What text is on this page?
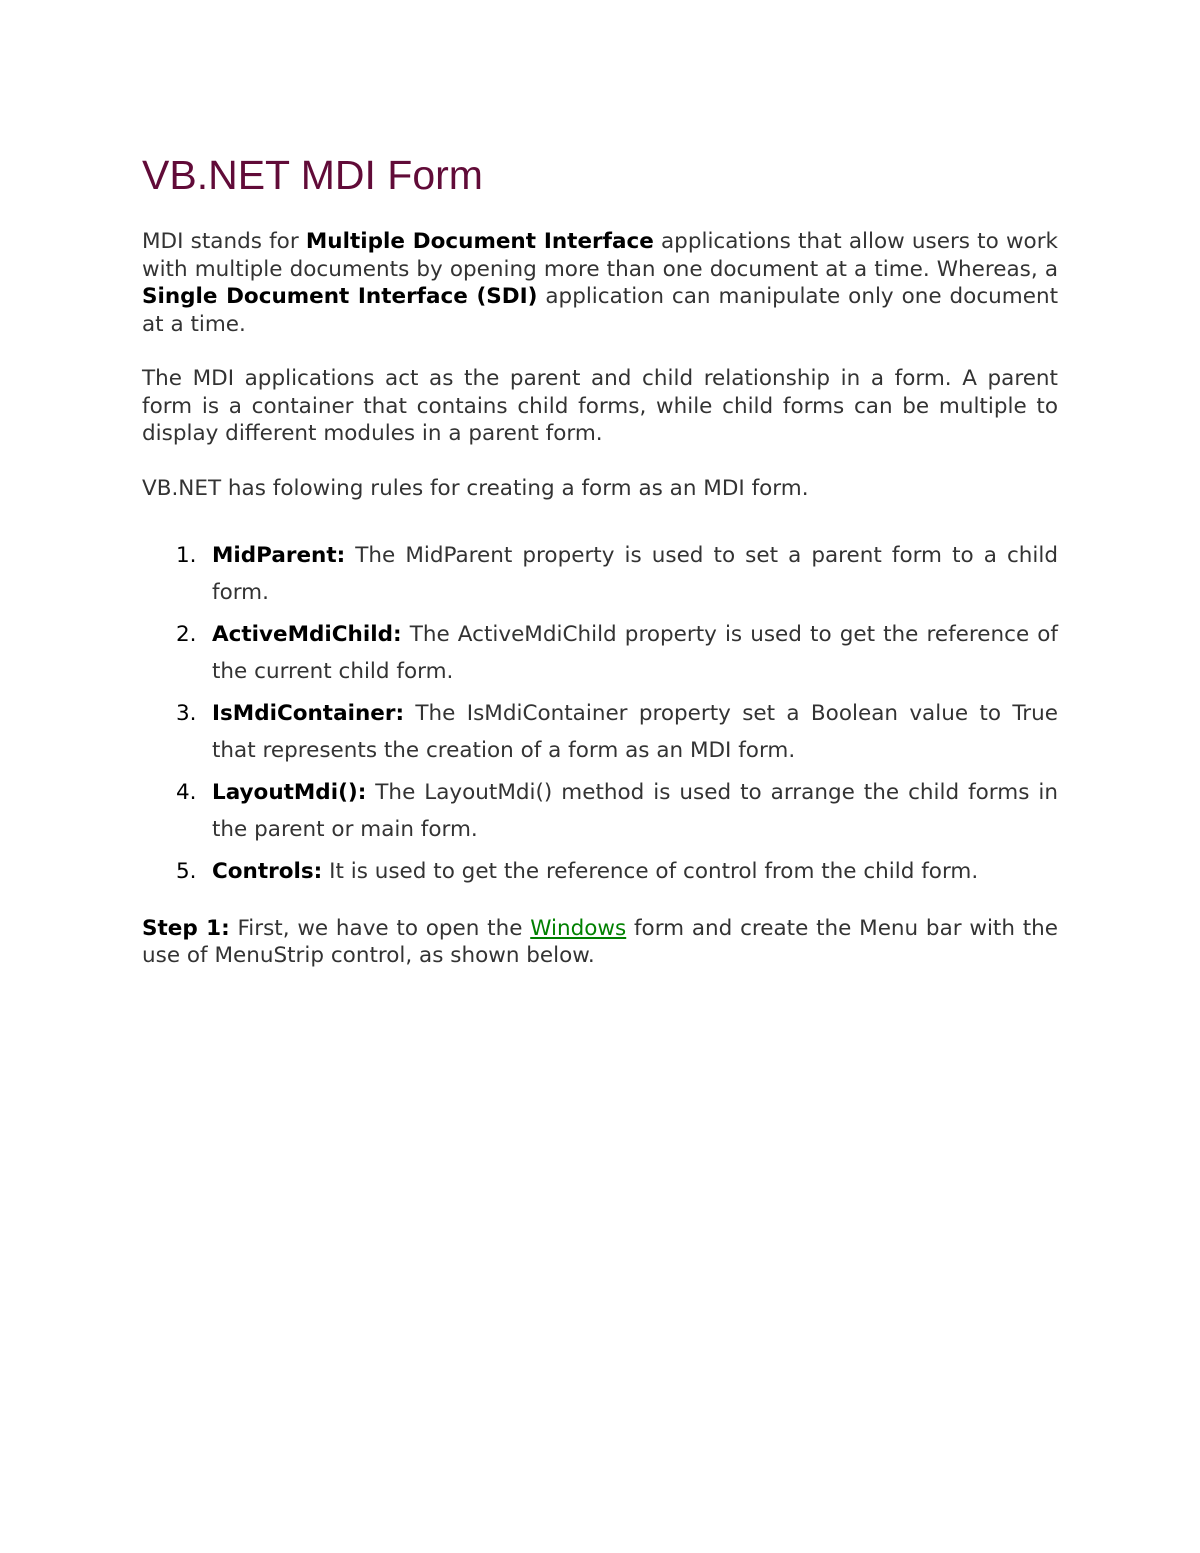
VB.NET MDI Form

MDI stands for Multiple Document Interface applications that allow users to work with multiple documents by opening more than one document at a time. Whereas, a Single Document Interface (SDI) application can manipulate only one document at a time.

The MDI applications act as the parent and child relationship in a form. A parent form is a container that contains child forms, while child forms can be multiple to display different modules in a parent form.

VB.NET has folowing rules for creating a form as an MDI form.

1. MidParent: The MidParent property is used to set a parent form to a child form.
2. ActiveMdiChild: The ActiveMdiChild property is used to get the reference of the current child form.
3. IsMdiContainer: The IsMdiContainer property set a Boolean value to True that represents the creation of a form as an MDI form.
4. LayoutMdi(): The LayoutMdi() method is used to arrange the child forms in the parent or main form.
5. Controls: It is used to get the reference of control from the child form.

Step 1: First, we have to open the Windows form and create the Menu bar with the use of MenuStrip control, as shown below.
